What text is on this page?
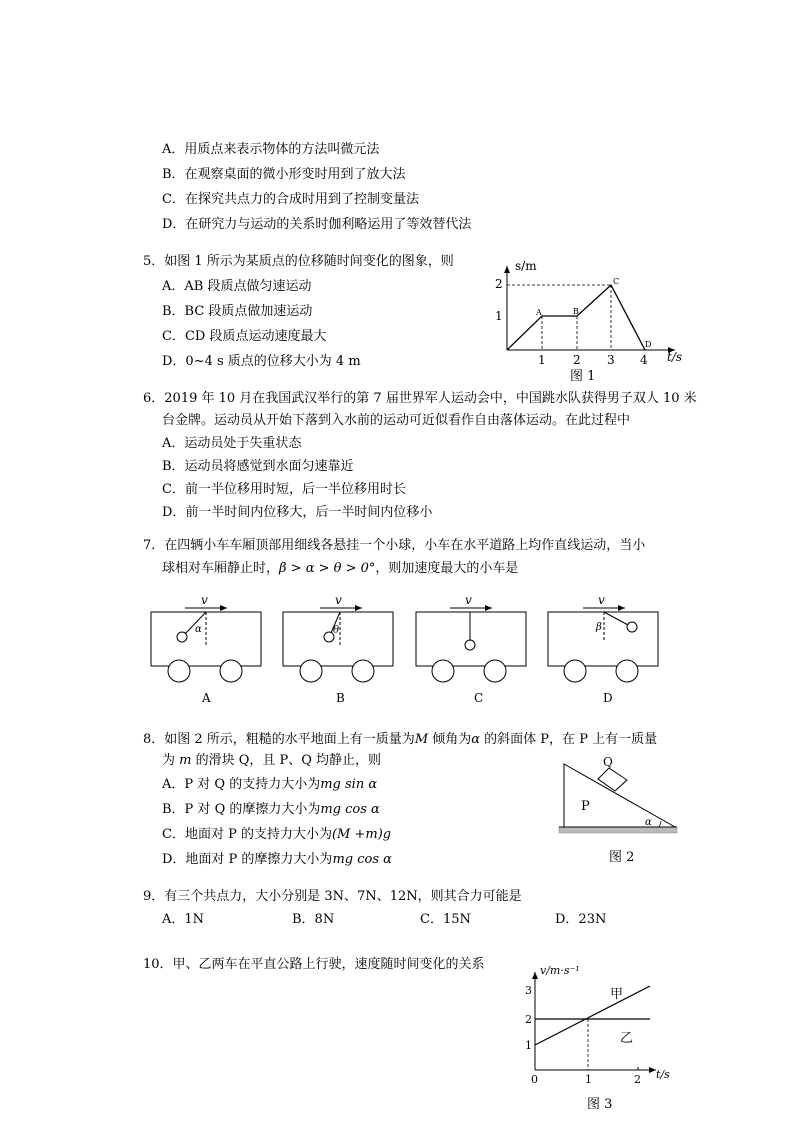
A．用质点来表示物体的方法叫微元法
B．在观察桌面的微小形变时用到了放大法
C．在探究共点力的合成时用到了控制变量法
D．在研究力与运动的关系时伽利略运用了等效替代法
5．如图 1 所示为某质点的位移随时间变化的图象，则
A．AB 段质点做匀速运动
B．BC 段质点做加速运动
C．CD 段质点运动速度最大
D．0~4 s 质点的位移大小为 4 m
s/m
t/s
1
2
1 2 3 4
A	B
C
D
图 1
6．2019 年 10 月在我国武汉举行的第 7 届世界军人运动会中，中国跳水队获得男子双人 10 米
台金牌。运动员从开始下落到入水前的运动可近似看作自由落体运动。在此过程中
A．运动员处于失重状态
B．运动员将感觉到水面匀速靠近
C．前一半位移用时短，后一半位移用时长
D．前一半时间内位移大，后一半时间内位移小
7．在四辆小车车厢顶部用细线各悬挂一个小球，小车在水平道路上均作直线运动，当小
球相对车厢静止时，β > α > θ > 0°，则加速度最大的小车是
v
α
A
v
θ
B
v
C
v
β
D
8．如图 2 所示，粗糙的水平地面上有一质量为M 倾角为α 的斜面体 P，在 P 上有一质量
为 m 的滑块 Q，且 P、Q 均静止，则
A．P 对 Q 的支持力大小为mg sin α
B．P 对 Q 的摩擦力大小为mg cos α
C．地面对 P 的支持力大小为(M +m)g
D．地面对 P 的摩擦力大小为mg cos α
Q
P
α
图 2
9．有三个共点力，大小分别是 3N、7N、12N，则其合力可能是
A．1N	B．8N	C．15N	D．23N
10．甲、乙两车在平直公路上行驶，速度随时间变化的关系	v/m·s⁻¹
t/s
1
2
3
0	1	2
甲
乙
图 3
